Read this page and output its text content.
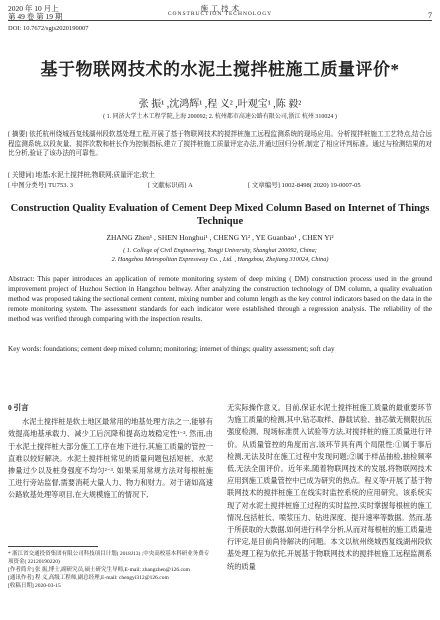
2020 年 10 月上
第 49 卷 第 19 期
施 工 技 术
CONSTRUCTION TECHNOLOGY	7
DOI: 10.7672/sgjs2020190007
基于物联网技术的水泥土搅拌桩施工质量评价*
张 振¹ ,沈鸿辉¹ ,程 义² ,叶观宝¹ ,陈 毅²
( 1. 同济大学土木工程学院,上海 200092; 2. 杭州都市高速公路有限公司,浙江 杭州 310024 )
[ 摘要] 依托杭州绕城西复线湖州段软基处理工程,开展了基于物联网技术的搅拌桩施工远程监测系统的现场应用。分析搅拌桩施工工艺特点,结合远程监测系统,以段灰量、搅拌次数和桩长作为控制指标,建立了搅拌桩施工质量评定办法,并通过回归分析,制定了相应评判标准。通过与检测结果的对比分析,验证了该办法的可靠性。
[ 关键词] 地基;水泥土搅拌桩;物联网;质量评定;软土
[ 中图分类号] TU753. 3	[ 文献标识码] A	[ 文章编号] 1002-8498( 2020) 19-0007-05
Construction Quality Evaluation of Cement Deep Mixed Column Based on Internet of Things Technique
ZHANG Zhen¹ , SHEN Honghui¹ , CHENG Yi² , YE Guanbao¹ , CHEN Yi²
( 1. College of Civil Engineering, Tongji University, Shanghai 200092, China;
2. Hangzhou Metropolitan Expressway Co. , Ltd. , Hangzhou, Zhejiang 310024, China)
Abstract: This paper introduces an application of remote monitoring system of deep mixing ( DM) construction process used in the ground improvement project of Huzhou Section in Hangzhou beltway. After analyzing the construction technology of DM column, a quality evaluation method was proposed taking the sectional cement content, mixing number and column length as the key control indicators based on the data in the remote monitoring system. The assessment standards for each indicator were established through a regression analysis. The reliability of the method was verified through comparing with the inspection results.
Key words: foundations; cement deep mixed column; monitoring; internet of things; quality assessment; soft clay
0 引言

水泥土搅拌桩是软土地区最常用的地基处理方法之一,能够有效提高地基承载力、减少工后沉降和提高边坡稳定性¹⁻². 然而,由于水泥土搅拌桩大部分施工工序在地下进行,其施工质量的管控一直难以较好解决。水泥土搅拌桩常见的质量问题包括短桩、水泥掺量过少以及桩身强度不均匀²⁻³. 如果采用常规方法对每根桩施工进行旁站监督,需要消耗大量人力、物力和财力。对于诸如高速公路软基处理等项目,在大规模施工的情况下,

无实际操作意义。目前,保证水泥土搅拌桩施工质量的最重要环节为施工质量的检测,其中,钻芯取样、静载试验、抽芯做无侧限抗压强度检测、现场标准贯入试验等方法,对搅拌桩的施工质量进行评价。从质量管控的角度而言,该环节具有两个局限性:①属于事后检测,无法及时在施工过程中发现问题;②属于样品抽检,抽检频率低,无法全面评价。近年来,随着物联网技术的发展,将物联网技术应用到施工质量管控中已成为研究的热点。程义等⁴开展了基于物联网技术的搅拌桩施工在线实时监控系统的应用研究。该系统实现了对水泥土搅拌桩施工过程的实时监控,实时掌握每根桩的施工情况,包括桩长、喷浆压力、钻进深度、提升速率等数据。然而,基于所获取的大数据,如何进行科学分析,从而对每根桩的施工质量进行评定,是目前尚待解决的问题。本文以杭州绕城西复线湖州段软基处理工程为依托,开展基于物联网技术的搅拌桩施工远程监测系统的质量

* 浙江省交通投资集团有限公司科技项目计划( 2018J13) ;中央高校基本科研业务费专项资金( 22120190220)
[作者简介] 张 振,博士,副研究员,硕士研究生导师,E-mail: zhangzhen@126.com
[通讯作者] 程 义,高级工程师,副总经理,E-mail: chengyi312@126.com
[收稿日期] 2020-03-15
